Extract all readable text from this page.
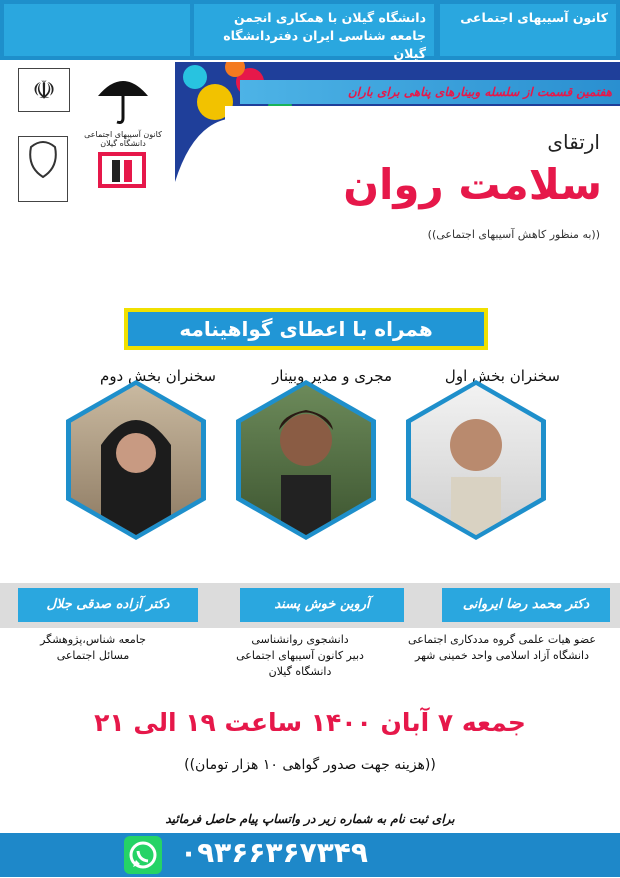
کانون آسیبهای اجتماعی
دانشگاه گیلان با همکاری انجمن جامعه شناسی ایران دفتردانشگاه گیلان
☫
کانون آسیبهای اجتماعی دانشگاه گیلان
هفتمین قسمت از سلسله وبینارهای پناهی برای باران
ارتقای
سلامت روان
((به منظور کاهش آسیبهای اجتماعی))
همراه با اعطای گواهینامه
سخنران بخش اول
مجری و مدیر وبینار
سخنران بخش دوم
دکتر محمد رضا ایروانی
آروین خوش پسند
دکتر آزاده صدقی جلال
عضو هیات علمی گروه مددکاری اجتماعی
دانشگاه آزاد اسلامی واحد خمینی شهر
دانشجوی روانشناسی
دبیر کانون آسیبهای اجتماعی
دانشگاه گیلان
جامعه شناس،پژوهشگر
مسائل اجتماعی
جمعه ۷ آبان ۱۴۰۰ ساعت ۱۹ الی ۲۱
((هزینه جهت صدور گواهی ۱۰ هزار تومان))
برای ثبت نام به شماره زیر در واتساپ پیام حاصل فرمائید
۰۹۳۶۶۳۶۷۳۴۹
